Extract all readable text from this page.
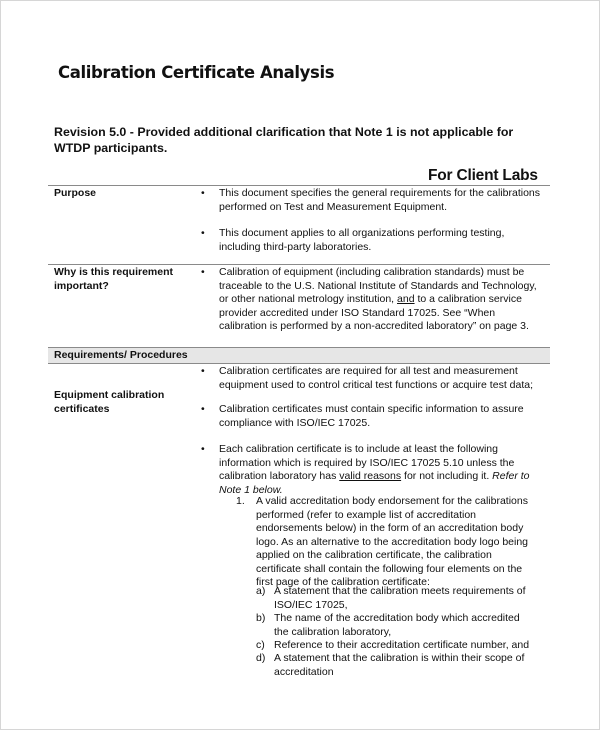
Calibration Certificate Analysis
Revision 5.0 - Provided additional clarification that Note 1 is not applicable for WTDP participants.
For Client Labs
Purpose	• This document specifies the general requirements for the calibrations performed on Test and Measurement Equipment.
• This document applies to all organizations performing testing, including third-party laboratories.
Why is this requirement important?
• Calibration of equipment (including calibration standards) must be traceable to the U.S. National Institute of Standards and Technology, or other national metrology institution, and to a calibration service provider accredited under ISO Standard 17025. See “When calibration is performed by a non-accredited laboratory” on page 3.
Requirements/ Procedures
Equipment calibration certificates
• Calibration certificates are required for all test and measurement equipment used to control critical test functions or acquire test data;
• Calibration certificates must contain specific information to assure compliance with ISO/IEC 17025.
• Each calibration certificate is to include at least the following information which is required by ISO/IEC 17025 5.10 unless the calibration laboratory has valid reasons for not including it. Refer to Note 1 below.
1. A valid accreditation body endorsement for the calibrations performed (refer to example list of accreditation endorsements below) in the form of an accreditation body logo. As an alternative to the accreditation body logo being applied on the calibration certificate, the calibration certificate shall contain the following four elements on the first page of the calibration certificate:
a) A statement that the calibration meets requirements of ISO/IEC 17025,
b) The name of the accreditation body which accredited the calibration laboratory,
c) Reference to their accreditation certificate number, and
d) A statement that the calibration is within their scope of accreditation
